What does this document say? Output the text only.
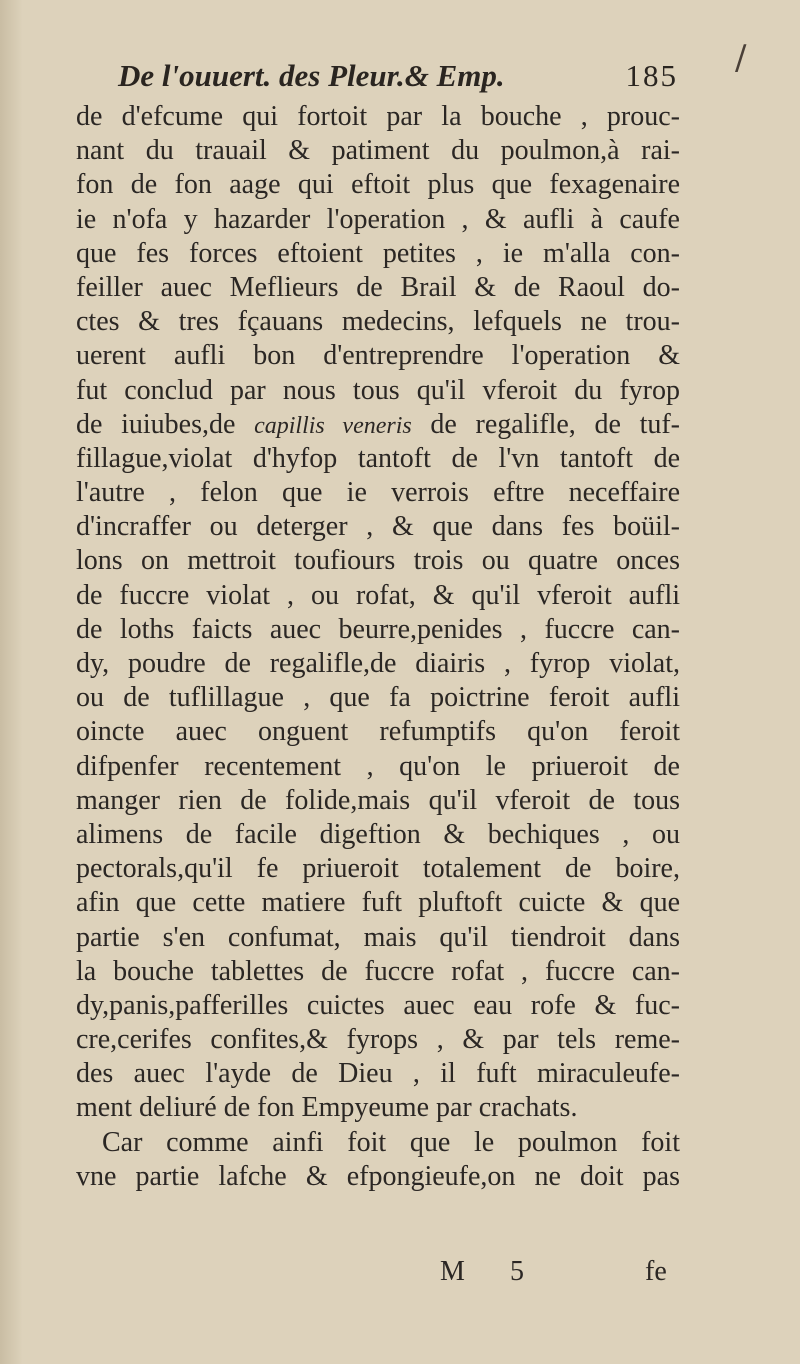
/
De l'ouuert. des Pleur.& Emp.	185
de d'efcume qui fortoit par la bouche , prouc-
nant du trauail & patiment du poulmon,à rai-
fon de fon aage qui eftoit plus que fexagenaire
ie n'ofa y hazarder l'operation , & aufli à caufe
que fes forces eftoient petites , ie m'alla con-
feiller auec Meflieurs de Brail & de Raoul do-
ctes & tres fçauans medecins, lefquels ne trou-
uerent aufli bon d'entreprendre l'operation &
fut conclud par nous tous qu'il vferoit du fyrop
de iuiubes,de capillis veneris de regalifle, de tuf-
fillague,violat d'hyfop tantoft de l'vn tantoft de
l'autre , felon que ie verrois eftre neceffaire
d'incraffer ou deterger , & que dans fes boüil-
lons on mettroit toufiours trois ou quatre onces
de fuccre violat , ou rofat, & qu'il vferoit aufli
de loths faicts auec beurre,penides , fuccre can-
dy, poudre de regalifle,de diairis , fyrop violat,
ou de tuflillague , que fa poictrine feroit aufli
oincte auec onguent refumptifs qu'on feroit
difpenfer recentement , qu'on le priueroit de
manger rien de folide,mais qu'il vferoit de tous
alimens de facile digeftion & bechiques , ou
pectorals,qu'il fe priueroit totalement de boire,
afin que cette matiere fuft pluftoft cuicte & que
partie s'en confumat, mais qu'il tiendroit dans
la bouche tablettes de fuccre rofat , fuccre can-
dy,panis,pafferilles cuictes auec eau rofe & fuc-
cre,cerifes confites,& fyrops , & par tels reme-
des auec l'ayde de Dieu , il fuft miraculeufe-
ment deliuré de fon Empyeume par crachats.
Car comme ainfi foit que le poulmon foit
vne partie lafche & efpongieufe,on ne doit pas
M 5	fe
